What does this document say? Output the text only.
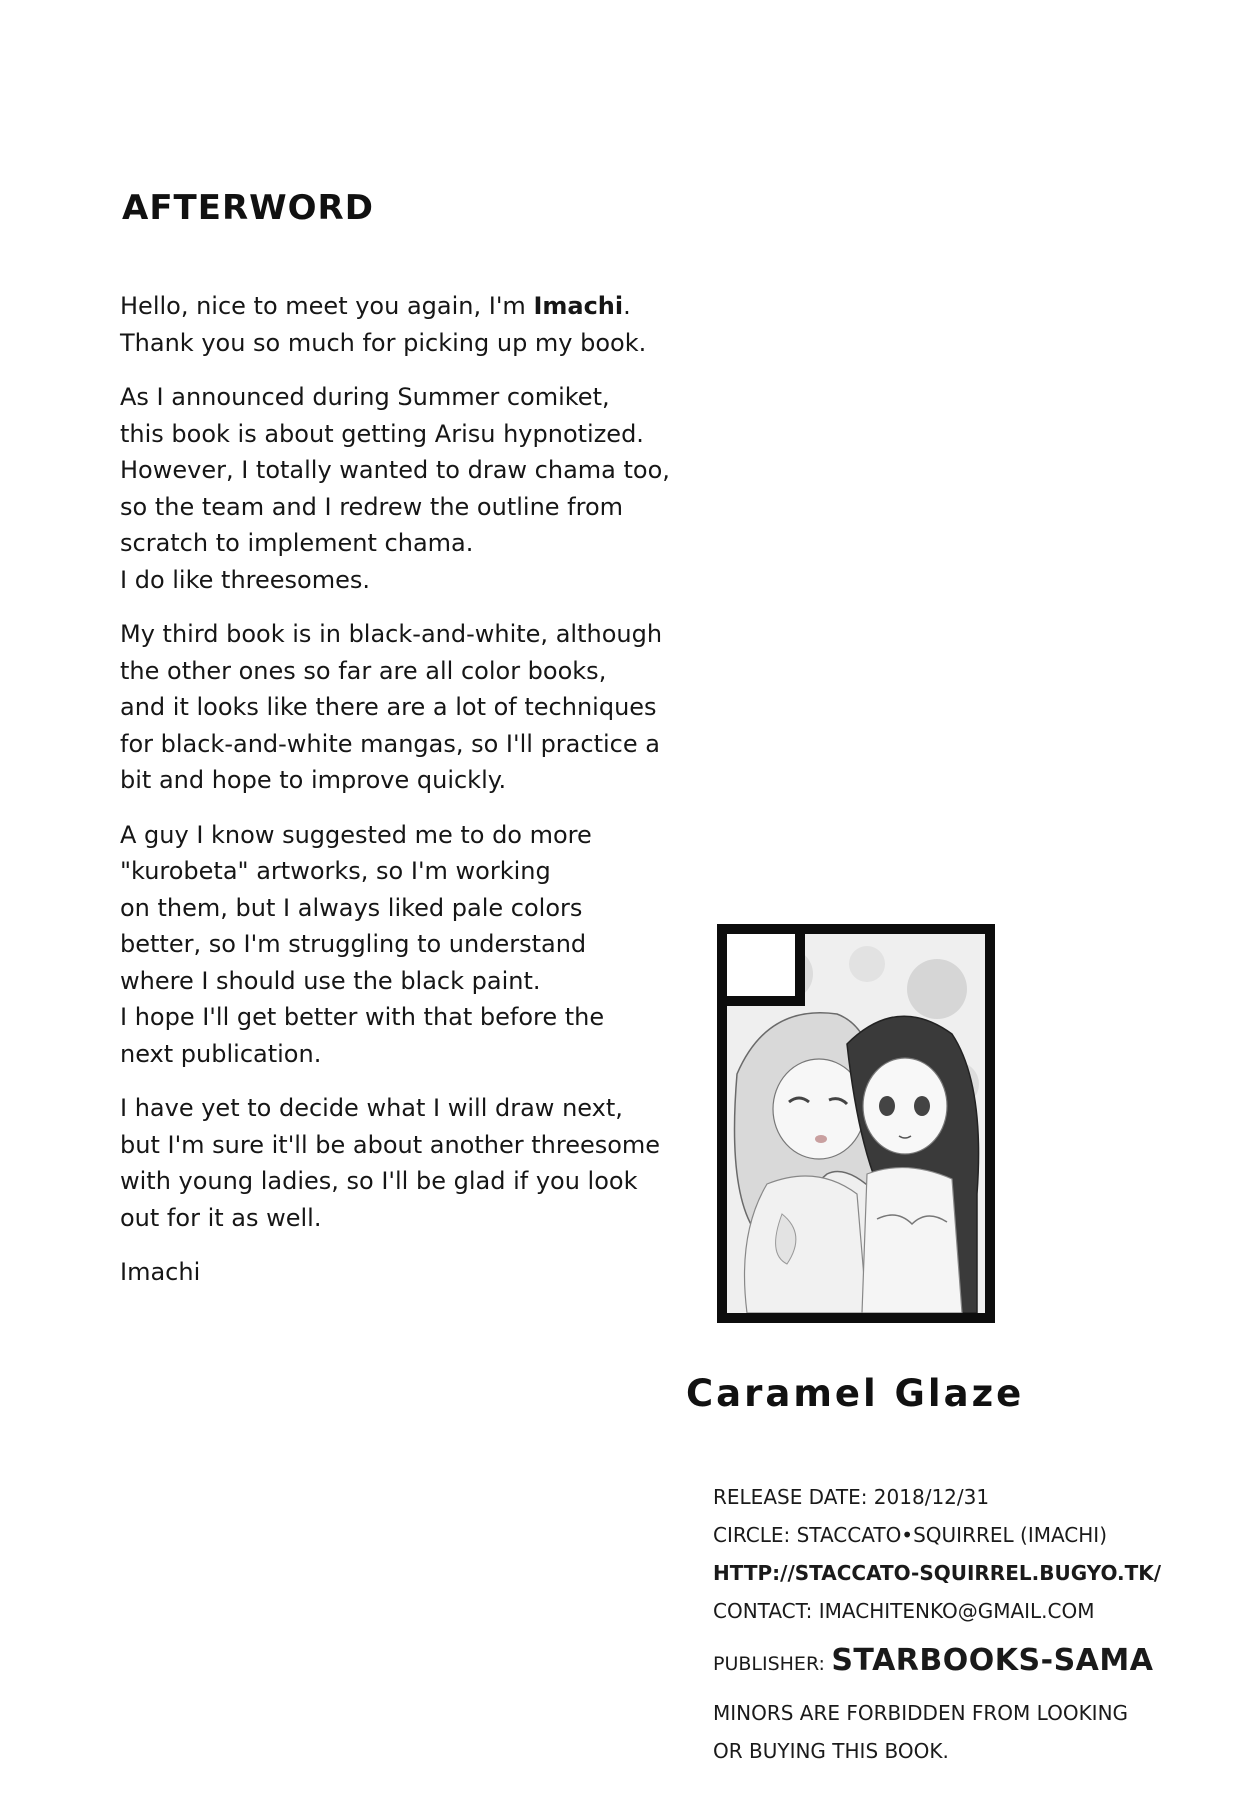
AFTERWORD
Hello, nice to meet you again, I'm Imachi.
Thank you so much for picking up my book.
As I announced during Summer comiket,
this book is about getting Arisu hypnotized.
However, I totally wanted to draw chama too,
so the team and I redrew the outline from
scratch to implement chama.
I do like threesomes.
My third book is in black-and-white, although
the other ones so far are all color books,
and it looks like there are a lot of techniques
for black-and-white mangas, so I'll practice a
bit and hope to improve quickly.
A guy I know suggested me to do more
"kurobeta" artworks, so I'm working
on them, but I always liked pale colors
better, so I'm struggling to understand
where I should use the black paint.
I hope I'll get better with that before the
next publication.
I have yet to decide what I will draw next,
but I'm sure it'll be about another threesome
with young ladies, so I'll be glad if you look
out for it as well.
Imachi
Caramel Glaze
RELEASE DATE: 2018/12/31
CIRCLE: STACCATO•SQUIRREL (IMACHI)
HTTP://STACCATO-SQUIRREL.BUGYO.TK/
CONTACT: IMACHITENKO@GMAIL.COM
PUBLISHER: STARBOOKS-SAMA
MINORS ARE FORBIDDEN FROM LOOKING
OR BUYING THIS BOOK.
